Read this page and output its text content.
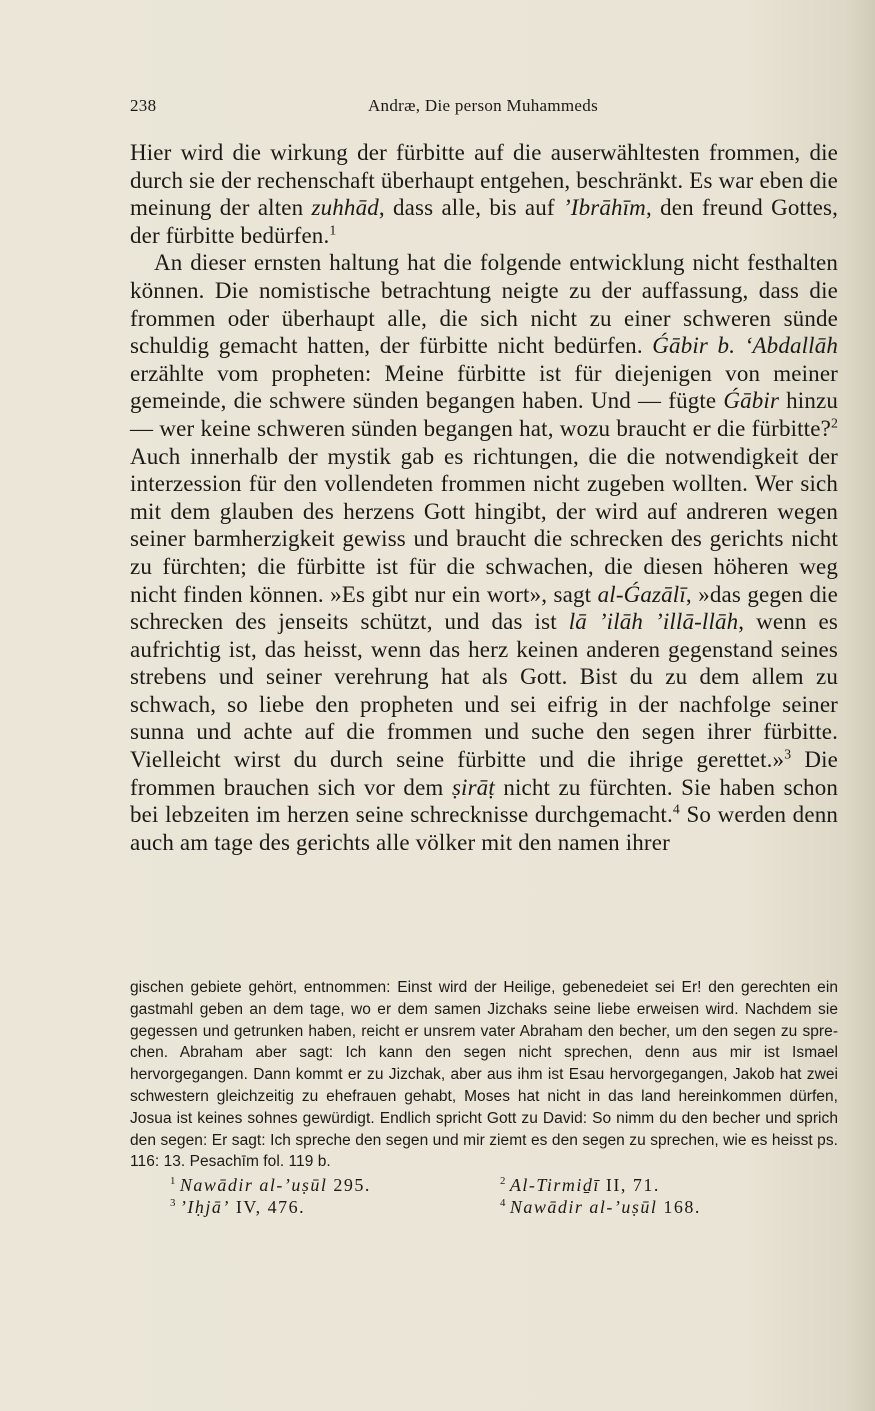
238	Andræ, Die person Muhammeds

Hier wird die wirkung der fürbitte auf die auserwähltesten frommen, die durch sie der rechenschaft überhaupt entgehen, beschränkt. Es war eben die meinung der alten zuhhād, dass alle, bis auf ’Ibrāhīm, den freund Gottes, der fürbitte bedürfen.$^1$

An dieser ernsten haltung hat die folgende entwicklung nicht festhalten können. Die nomistische betrachtung neigte zu der auffassung, dass die frommen oder überhaupt alle, die sich nicht zu einer schweren sünde schuldig gemacht hatten, der fürbitte nicht bedürfen. Ǵābir b. ‘Abdallāh erzählte vom propheten: Meine fürbitte ist für diejenigen von meiner gemeinde, die schwere sünden begangen haben. Und — fügte Ǵābir hinzu — wer keine schweren sünden begangen hat, wozu braucht er die fürbitte?$^2$ Auch innerhalb der mystik gab es richtungen, die die notwendigkeit der interzession für den vollendeten frommen nicht zugeben wollten. Wer sich mit dem glauben des herzens Gott hingibt, der wird auf andreren wegen seiner barmherzigkeit gewiss und braucht die schrecken des gerichts nicht zu fürchten; die fürbitte ist für die schwachen, die diesen höheren weg nicht finden können. »Es gibt nur ein wort», sagt al-Ǵazālī, »das gegen die schrecken des jenseits schützt, und das ist lā ’ilāh ’illā-llāh, wenn es aufrichtig ist, das heisst, wenn das herz keinen anderen gegenstand seines strebens und seiner verehrung hat als Gott. Bist du zu dem allem zu schwach, so liebe den propheten und sei eifrig in der nachfolge seiner sunna und achte auf die frommen und suche den segen ihrer fürbitte. Vielleicht wirst du durch seine fürbitte und die ihrige gerettet.»$^3$ Die frommen brauchen sich vor dem ṣirāṭ nicht zu fürchten. Sie haben schon bei lebzeiten im herzen seine schrecknisse durchgemacht.$^4$ So werden denn auch am tage des gerichts alle völker mit den namen ihrer

gischen gebiete gehört, entnommen: Einst wird der Heilige, gebenedeiet sei Er! den gerechten ein gastmahl geben an dem tage, wo er dem samen Jizchaks seine liebe erweisen wird. Nachdem sie gegessen und getrunken haben, reicht er unsrem vater Abraham den becher, um den segen zu sprechen. Abraham aber sagt: Ich kann den segen nicht sprechen, denn aus mir ist Ismael hervorgegangen. Dann kommt er zu Jizchak, aber aus ihm ist Esau hervorgegangen, Jakob hat zwei schwestern gleichzeitig zu ehefrauen gehabt, Moses hat nicht in das land hereinkommen dürfen, Josua ist keines sohnes gewürdigt. Endlich spricht Gott zu David: So nimm du den becher und sprich den segen: Er sagt: Ich spreche den segen und mir ziemt es den segen zu sprechen, wie es heisst ps. 116: 13. Pesachīm fol. 119 b.

$^1$ Nawādir al-’uṣūl 295.	$^2$ Al-Tirmiḏī II, 71.
$^3$ ’Iḥjā’ IV, 476.	$^4$ Nawādir al-’uṣūl 168.
